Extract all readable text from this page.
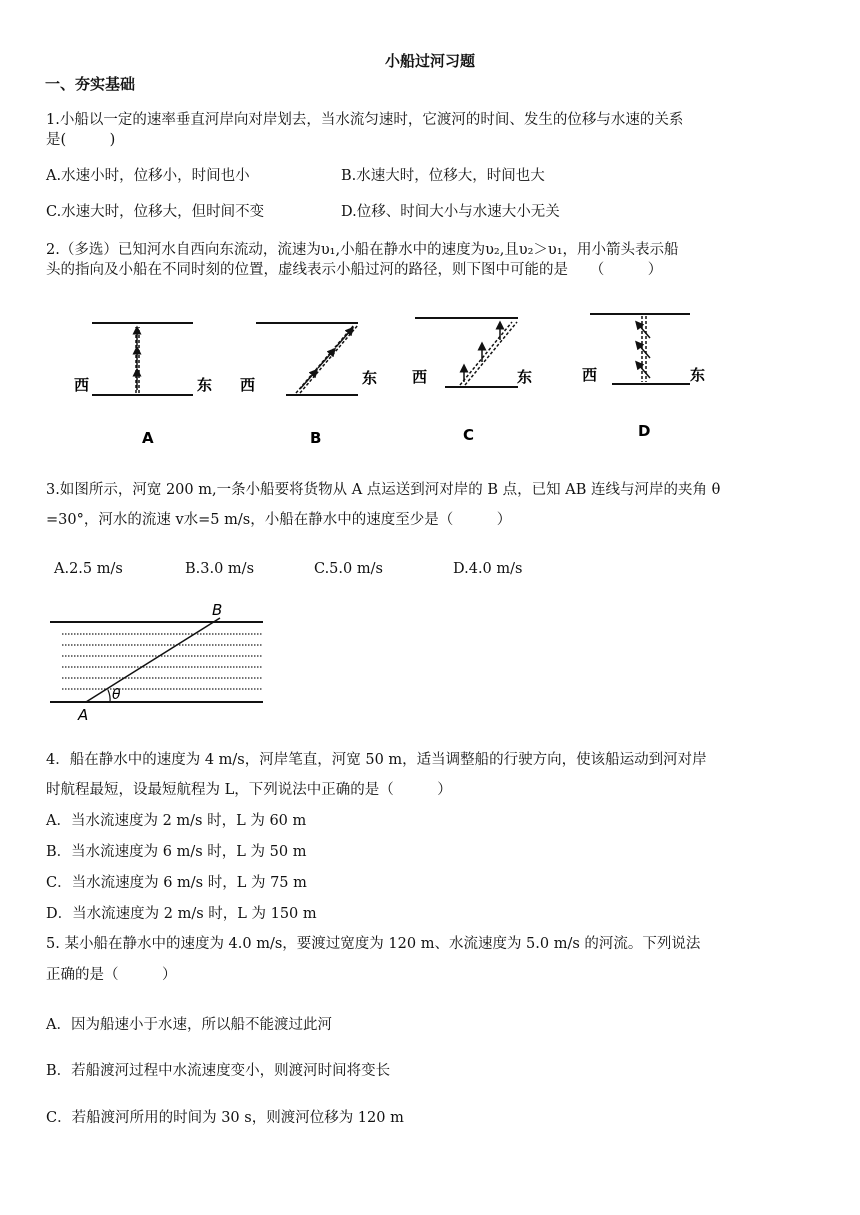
小船过河习题
一、夯实基础
1.小船以一定的速率垂直河岸向对岸划去，当水流匀速时，它渡河的时间、发生的位移与水速的关系
是(　　　)
A.水速小时，位移小，时间也小	B.水速大时，位移大，时间也大
C.水速大时，位移大，但时间不变	D.位移、时间大小与水速大小无关
2.（多选）已知河水自西向东流动，流速为υ₁,小船在静水中的速度为υ₂,且υ₂＞υ₁，用小箭头表示船
头的指向及小船在不同时刻的位置，虚线表示小船过河的路径，则下图中可能的是　　（　　　）
西	东
A
西	东
B
西	东
C
西	东
D
3.如图所示，河宽 200 m,一条小船要将货物从 A 点运送到河对岸的 B 点，已知 AB 连线与河岸的夹角 θ
=30°，河水的流速 v水=5 m/s，小船在静水中的速度至少是（　　　）
A.2.5 m/s	B.3.0 m/s	C.5.0 m/s	D.4.0 m/s
B
A
θ
4．船在静水中的速度为 4 m/s，河岸笔直，河宽 50 m，适当调整船的行驶方向，使该船运动到河对岸
时航程最短，设最短航程为 L，下列说法中正确的是（　　　）
A．当水流速度为 2 m/s 时，L 为 60 m
B．当水流速度为 6 m/s 时，L 为 50 m
C．当水流速度为 6 m/s 时，L 为 75 m
D．当水流速度为 2 m/s 时，L 为 150 m
5. 某小船在静水中的速度为 4.0 m/s，要渡过宽度为 120 m、水流速度为 5.0 m/s 的河流。下列说法
正确的是（　　　）
A．因为船速小于水速，所以船不能渡过此河
B．若船渡河过程中水流速度变小，则渡河时间将变长
C．若船渡河所用的时间为 30 s，则渡河位移为 120 m
